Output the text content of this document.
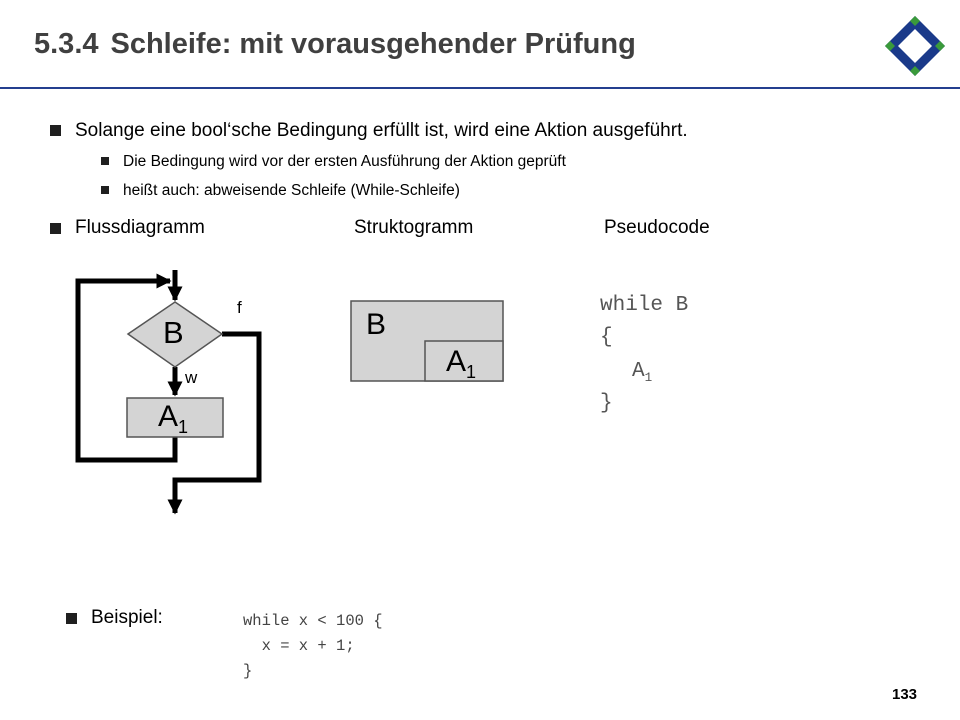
5.3.4 Schleife: mit vorausgehender Prüfung
Solange eine bool‘sche Bedingung erfüllt ist, wird eine Aktion ausgeführt.
Die Bedingung wird vor der ersten Ausführung der Aktion geprüft
heißt auch: abweisende Schleife (While-Schleife)
Flussdiagramm	Struktogramm	Pseudocode
B
f
w
$A_1$
B
$A_1$
while B
{
$A_1$
}
Beispiel:	while x < 100 {
x = x + 1;
}
133
